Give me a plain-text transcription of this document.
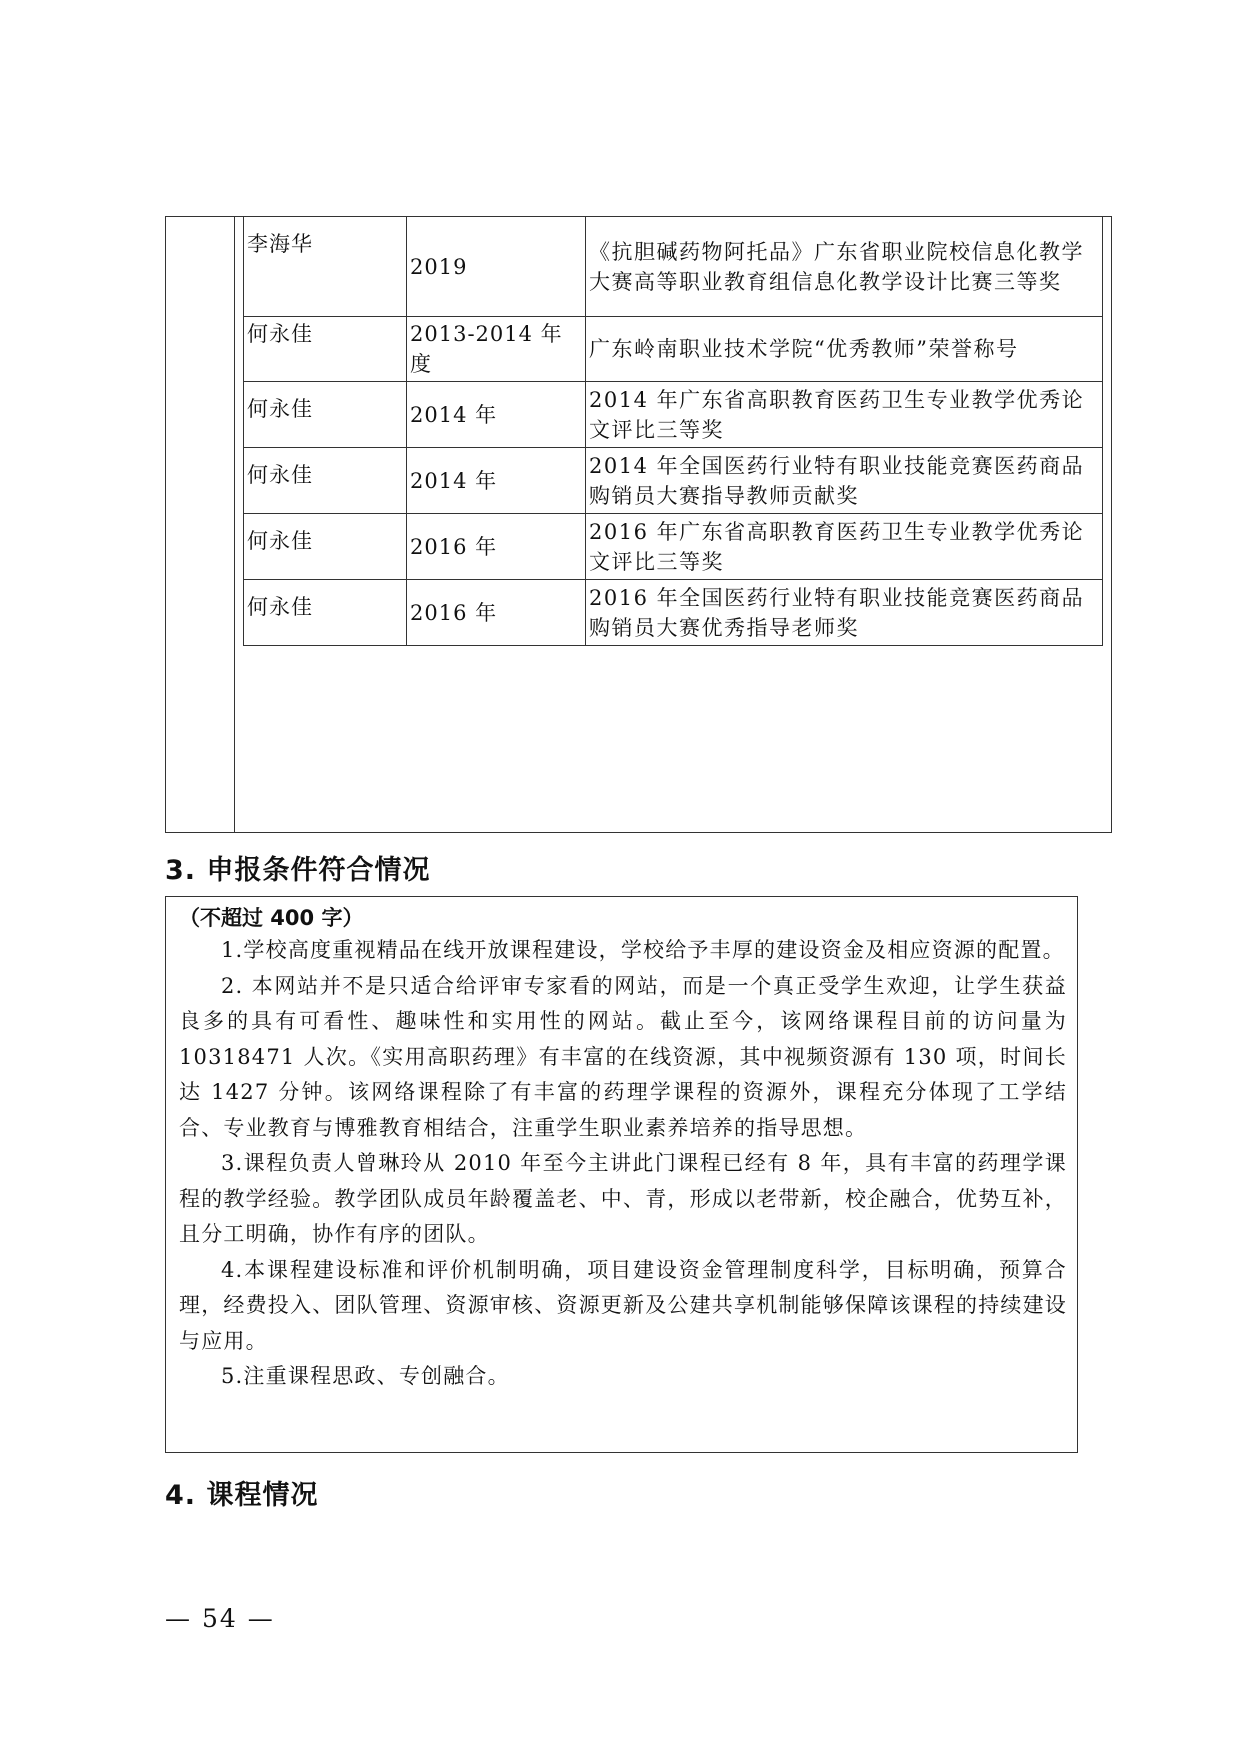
李海华	2019	《抗胆碱药物阿托品》广东省职业院校信息化教学大赛高等职业教育组信息化教学设计比赛三等奖
何永佳	2013-2014 年度	广东岭南职业技术学院“优秀教师”荣誉称号
何永佳	2014 年	2014 年广东省高职教育医药卫生专业教学优秀论文评比三等奖
何永佳	2014 年	2014 年全国医药行业特有职业技能竞赛医药商品购销员大赛指导教师贡献奖
何永佳	2016 年	2016 年广东省高职教育医药卫生专业教学优秀论文评比三等奖
何永佳	2016 年	2016 年全国医药行业特有职业技能竞赛医药商品购销员大赛优秀指导老师奖
3. 申报条件符合情况
（不超过 400 字）

1.学校高度重视精品在线开放课程建设，学校给予丰厚的建设资金及相应资源的配置。

2. 本网站并不是只适合给评审专家看的网站，而是一个真正受学生欢迎，让学生获益良多的具有可看性、趣味性和实用性的网站。截止至今，该网络课程目前的访问量为 10318471 人次。《实用高职药理》有丰富的在线资源，其中视频资源有 130 项，时间长达 1427 分钟。该网络课程除了有丰富的药理学课程的资源外，课程充分体现了工学结合、专业教育与博雅教育相结合，注重学生职业素养培养的指导思想。

3.课程负责人曾琳玲从 2010 年至今主讲此门课程已经有 8 年，具有丰富的药理学课程的教学经验。教学团队成员年龄覆盖老、中、青，形成以老带新，校企融合，优势互补，且分工明确，协作有序的团队。

4.本课程建设标准和评价机制明确，项目建设资金管理制度科学，目标明确，预算合理，经费投入、团队管理、资源审核、资源更新及公建共享机制能够保障该课程的持续建设与应用。

5.注重课程思政、专创融合。

4. 课程情况
— 54 —
